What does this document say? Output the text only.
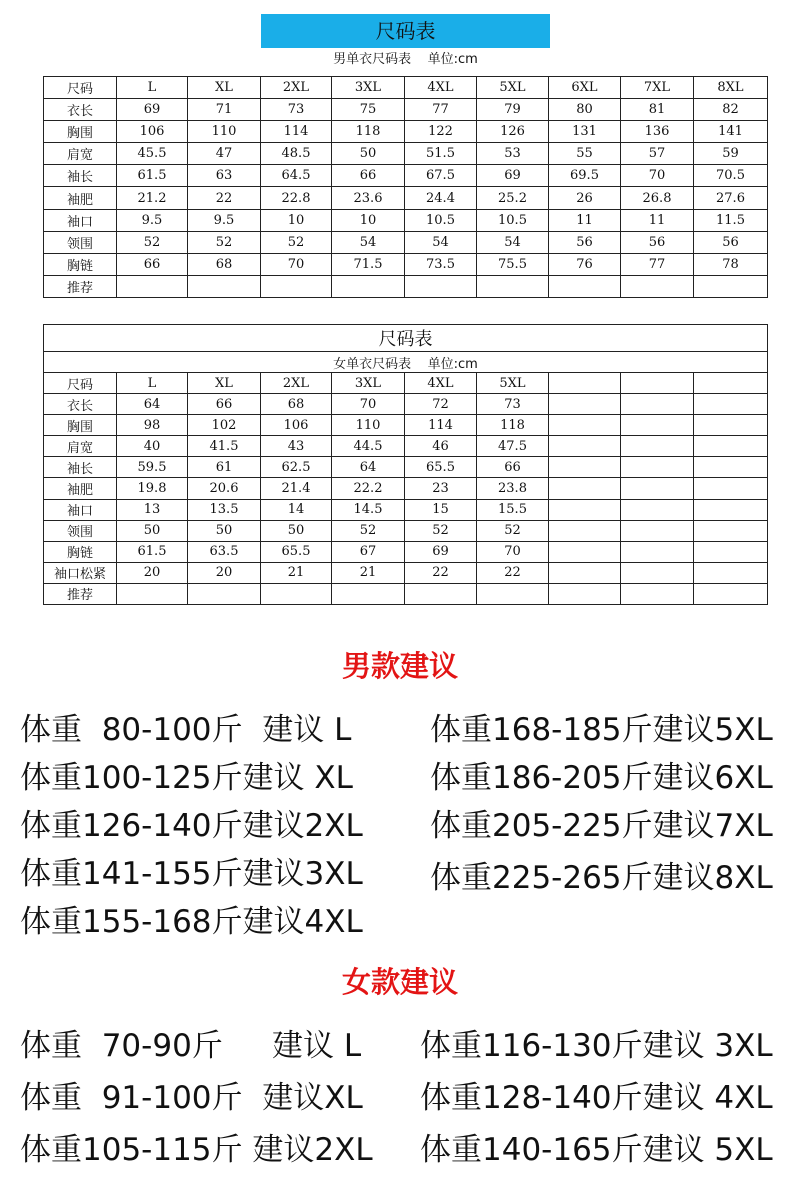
尺码表
男单衣尺码表    单位:cm
尺码	L	XL	2XL	3XL	4XL	5XL	6XL	7XL	8XL
衣长	69	71	73	75	77	79	80	81	82
胸围	106	110	114	118	122	126	131	136	141
肩宽	45.5	47	48.5	50	51.5	53	55	57	59
袖长	61.5	63	64.5	66	67.5	69	69.5	70	70.5
袖肥	21.2	22	22.8	23.6	24.4	25.2	26	26.8	27.6
袖口	9.5	9.5	10	10	10.5	10.5	11	11	11.5
领围	52	52	52	54	54	54	56	56	56
胸链	66	68	70	71.5	73.5	75.5	76	77	78
推荐									
尺码表									
女单衣尺码表    单位:cm									
尺码	L	XL	2XL	3XL	4XL	5XL			
衣长	64	66	68	70	72	73			
胸围	98	102	106	110	114	118			
肩宽	40	41.5	43	44.5	46	47.5			
袖长	59.5	61	62.5	64	65.5	66			
袖肥	19.8	20.6	21.4	22.2	23	23.8			
袖口	13	13.5	14	14.5	15	15.5			
领围	50	50	50	52	52	52			
胸链	61.5	63.5	65.5	67	69	70			
袖口松紧	20	20	21	21	22	22			
推荐									
男款建议
体重  80-100斤  建议 L
体重100-125斤建议 XL
体重126-140斤建议2XL
体重141-155斤建议3XL
体重155-168斤建议4XL
体重168-185斤建议5XL
体重186-205斤建议6XL
体重205-225斤建议7XL
体重225-265斤建议8XL
女款建议
体重  70-90斤     建议 L
体重  91-100斤  建议XL
体重105-115斤 建议2XL
体重116-130斤建议 3XL
体重128-140斤建议 4XL
体重140-165斤建议 5XL
